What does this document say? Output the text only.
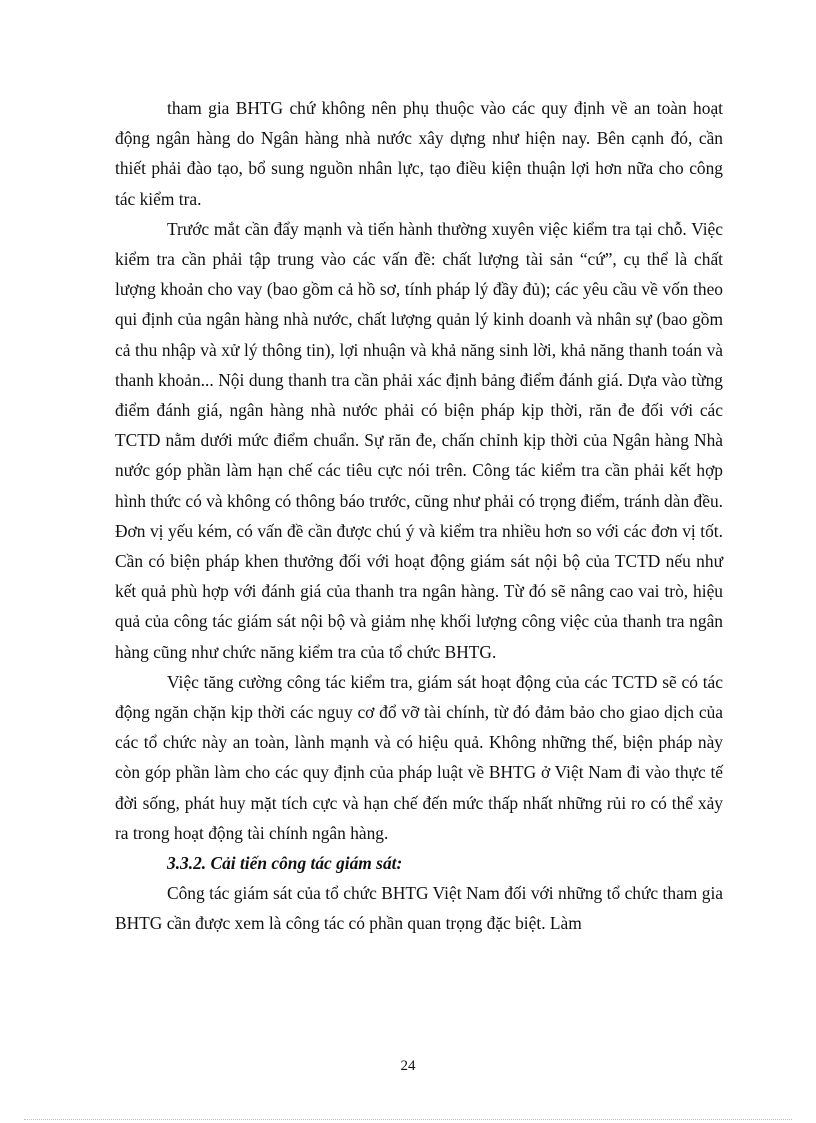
tham gia BHTG chứ không nên phụ thuộc vào các quy định về an toàn hoạt động ngân hàng do Ngân hàng nhà nước xây dựng như hiện nay. Bên cạnh đó, cần thiết phải đào tạo, bổ sung nguồn nhân lực, tạo điều kiện thuận lợi hơn nữa cho công tác kiểm tra.

Trước mắt cần đẩy mạnh và tiến hành thường xuyên việc kiểm tra tại chỗ. Việc kiểm tra cần phải tập trung vào các vấn đề: chất lượng tài sản “cứ”, cụ thể là chất lượng khoản cho vay (bao gồm cả hồ sơ, tính pháp lý đầy đủ); các yêu cầu về vốn theo qui định của ngân hàng nhà nước, chất lượng quản lý kinh doanh và nhân sự (bao gồm cả thu nhập và xử lý thông tin), lợi nhuận và khả năng sinh lời, khả năng thanh toán và thanh khoản... Nội dung thanh tra cần phải xác định bảng điểm đánh giá. Dựa vào từng điểm đánh giá, ngân hàng nhà nước phải có biện pháp kịp thời, răn đe đối với các TCTD nằm dưới mức điểm chuẩn. Sự răn đe, chấn chỉnh kịp thời của Ngân hàng Nhà nước góp phần làm hạn chế các tiêu cực nói trên. Công tác kiểm tra cần phải kết hợp hình thức có và không có thông báo trước, cũng như phải có trọng điểm, tránh dàn đều. Đơn vị yếu kém, có vấn đề cần được chú ý và kiểm tra nhiều hơn so với các đơn vị tốt. Cần có biện pháp khen thưởng đối với hoạt động giám sát nội bộ của TCTD nếu như kết quả phù hợp với đánh giá của thanh tra ngân hàng. Từ đó sẽ nâng cao vai trò, hiệu quả của công tác giám sát nội bộ và giảm nhẹ khối lượng công việc của thanh tra ngân hàng cũng như chức năng kiểm tra của tổ chức BHTG.

Việc tăng cường công tác kiểm tra, giám sát hoạt động của các TCTD sẽ có tác động ngăn chặn kịp thời các nguy cơ đổ vỡ tài chính, từ đó đảm bảo cho giao dịch của các tổ chức này an toàn, lành mạnh và có hiệu quả. Không những thế, biện pháp này còn góp phần làm cho các quy định của pháp luật về BHTG ở Việt Nam đi vào thực tế đời sống, phát huy mặt tích cực và hạn chế đến mức thấp nhất những rủi ro có thể xảy ra trong hoạt động tài chính ngân hàng.

3.3.2. Cải tiến công tác giám sát:

Công tác giám sát của tổ chức BHTG Việt Nam đối với những tổ chức tham gia BHTG cần được xem là công tác có phần quan trọng đặc biệt. Làm

24
